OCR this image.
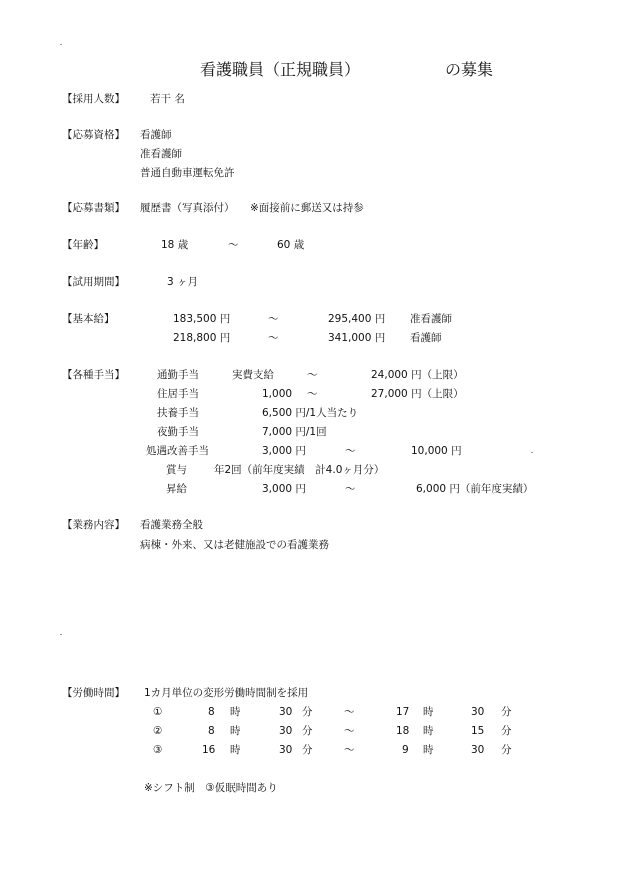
看護職員（正規職員）	の募集
【採用人数】 若干 名
【応募資格】 看護師
准看護師
普通自動車運転免許
【応募書類】 履歴書（写真添付） ※面接前に郵送又は持参
【年齢】	18 歳	～	60 歳
【試用期間】	3 ヶ月
【基本給】	183,500 円	～	295,400 円 准看護師
218,800 円	～	341,000 円 看護師
【各種手当】	通勤手当	実費支給	～	24,000 円（上限）
住居手当	1,000 ～	27,000 円（上限）
扶養手当	6,500 円/1人当たり
夜勤手当	7,000 円/1回
処遇改善手当	3,000 円	～	10,000 円
賞与	年2回（前年度実績　計4.0ヶ月分）
昇給	3,000 円	～	6,000 円（前年度実績）
【業務内容】 看護業務全般
病棟・外来、又は老健施設での看護業務
【労働時間】 1カ月単位の変形労働時間制を採用
①	8 時	30 分	～	17 時	30 分
②	8 時	30 分	～	18 時	15 分
③	16 時	30 分	～	9 時	30 分
※シフト制　③仮眠時間あり
